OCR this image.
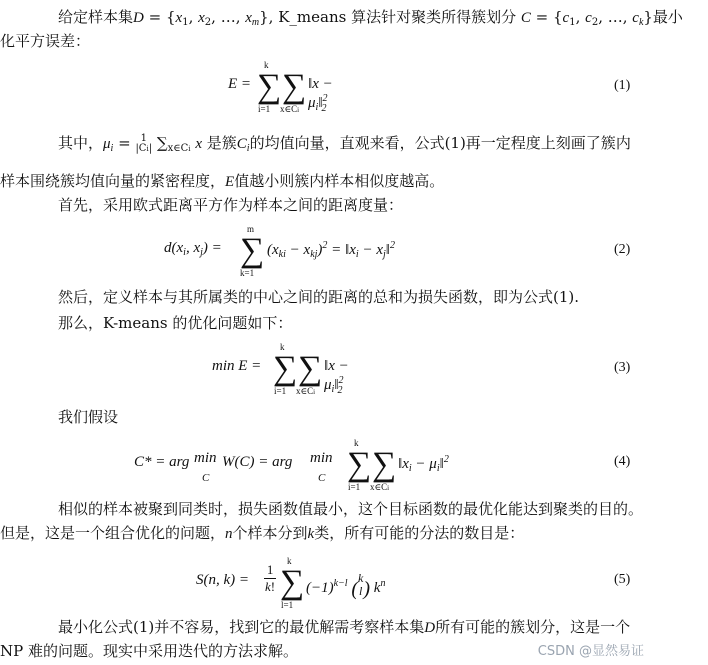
给定样本集$D = \{x_1$, $x_2$, …, $x_m$}, K_means 算法针对聚类所得簇划分 $C = \{c_1$, $c_2$, …, $c_k$}最小

化平方误差：

E =
k
∑
i=1
∑
x∈Ci
‖x − $\mu_i‖^2_2$
(1)

其中，$\mu_i = 1$
|Ci| $\sum_{x\in Ci}$ x 是簇$C_i$的均值向量，直观来看，公式(1)再一定程度上刻画了簇内

样本围绕簇均值向量的紧密程度，E值越小则簇内样本相似度越高。

首先，采用欧式距离平方作为样本之间的距离度量：

$d(x_i$, $x_j$) =
m
∑
k=1
$(x_{ki} - x_{kj})^2$ = $‖x_i$ − $x_j‖^2$	(2)

然后，定义样本与其所属类的中心之间的距离的总和为损失函数，即为公式(1).

那么，K-means 的优化问题如下：

min E =
k
∑
i=1
∑
x∈Ci
‖x − $\mu_i‖^2_2$
(3)

我们假设

C* = arg min
C
W(C) = arg min
C
k
∑
i=1
∑
x∈Ci
$‖x_i$ − $\mu_i‖^2$	(4)

相似的样本被聚到同类时，损失函数值最小，这个目标函数的最优化能达到聚类的目的。

但是，这是一个组合优化的问题，n个样本分到k类，所有可能的分法的数目是：

S(n, k) =
1
k!
k
∑
l=1
$(-1)^{k-l}$ (k
l) $k^n$	(5)

最小化公式(1)并不容易，找到它的最优解需考察样本集D所有可能的簇划分，这是一个

NP 难的问题。现实中采用迭代的方法求解。	CSDN @显然易证
